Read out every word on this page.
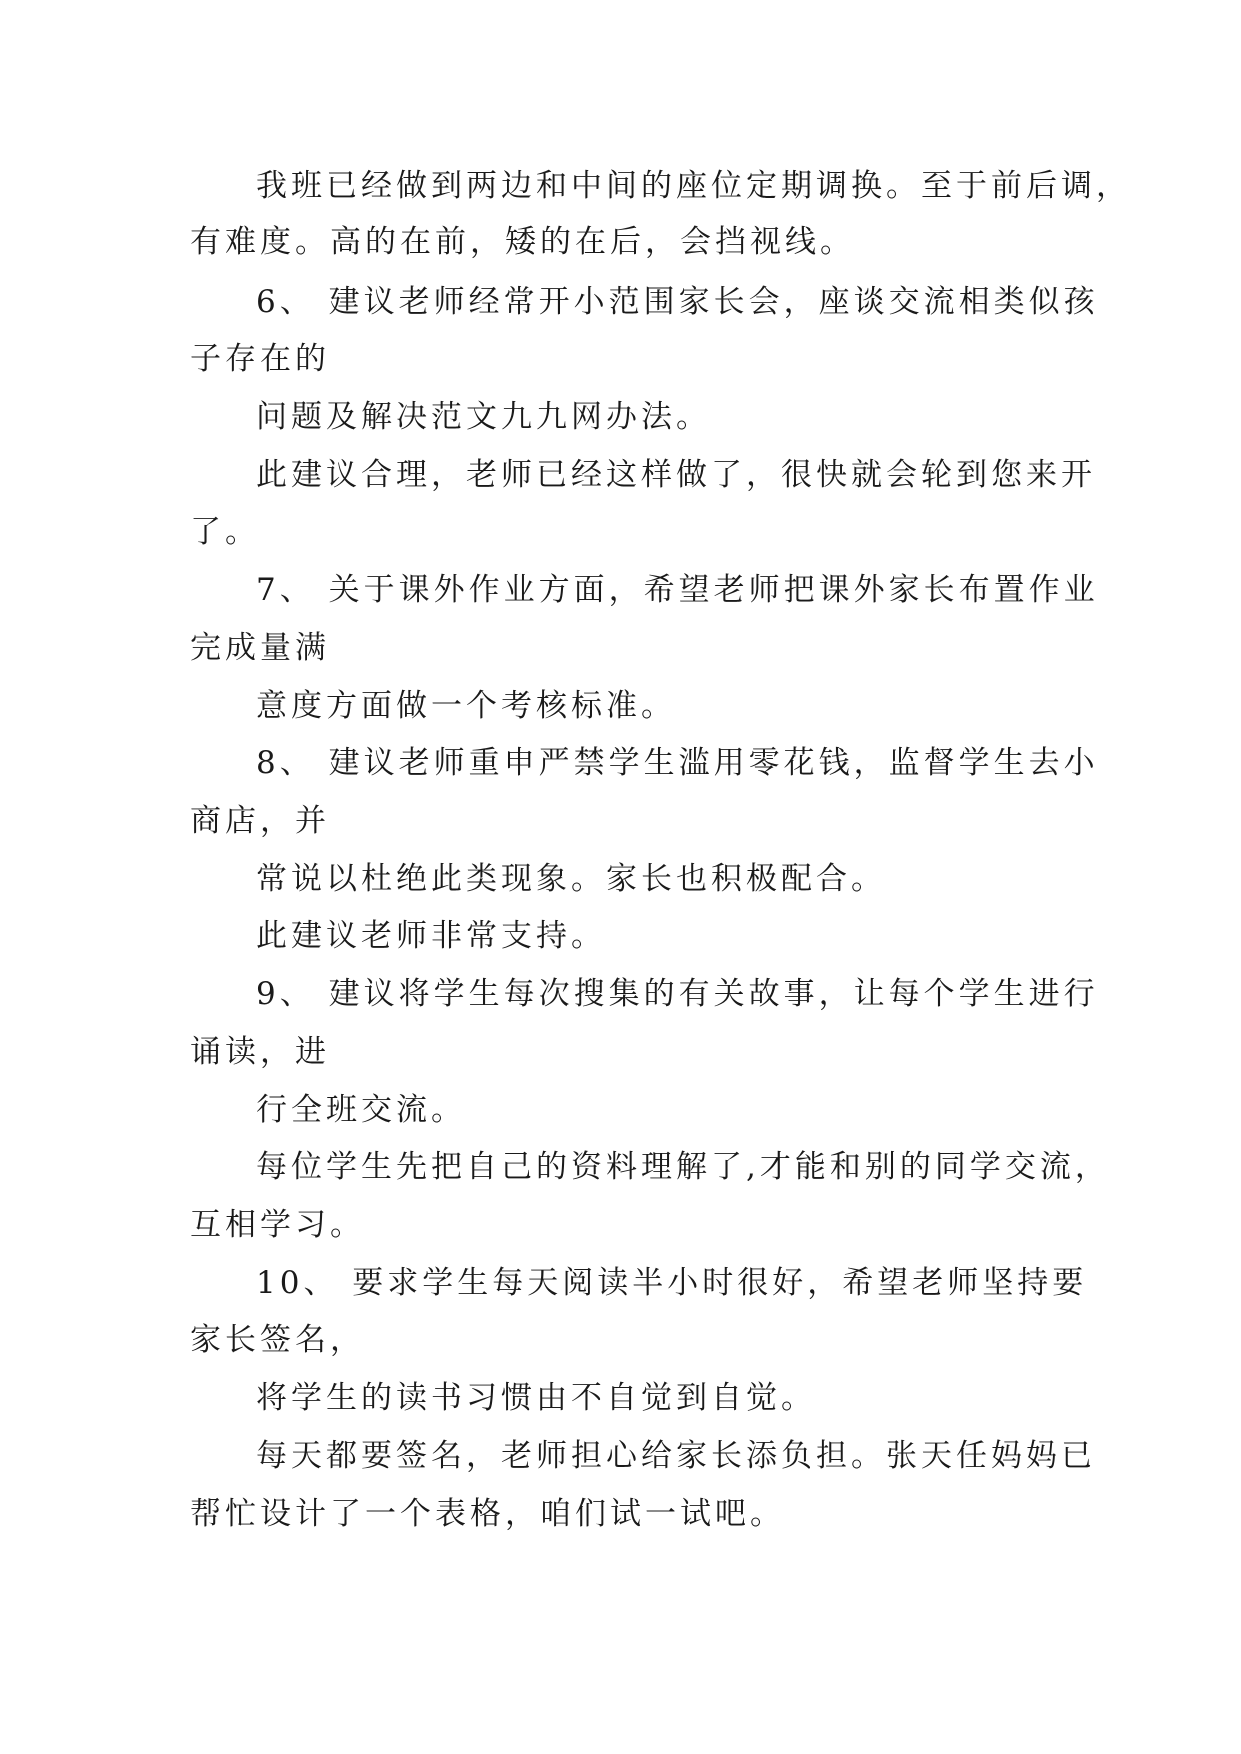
我班已经做到两边和中间的座位定期调换。至于前后调，
有难度。高的在前，矮的在后，会挡视线。
6、 建议老师经常开小范围家长会，座谈交流相类似孩
子存在的
问题及解决范文九九网办法。
此建议合理，老师已经这样做了，很快就会轮到您来开
了。
7、 关于课外作业方面，希望老师把课外家长布置作业
完成量满
意度方面做一个考核标准。
8、 建议老师重申严禁学生滥用零花钱，监督学生去小
商店，并
常说以杜绝此类现象。家长也积极配合。
此建议老师非常支持。
9、 建议将学生每次搜集的有关故事，让每个学生进行
诵读，进
行全班交流。
每位学生先把自己的资料理解了,才能和别的同学交流，
互相学习。
10、 要求学生每天阅读半小时很好，希望老师坚持要
家长签名，
将学生的读书习惯由不自觉到自觉。
每天都要签名，老师担心给家长添负担。张天任妈妈已
帮忙设计了一个表格，咱们试一试吧。
